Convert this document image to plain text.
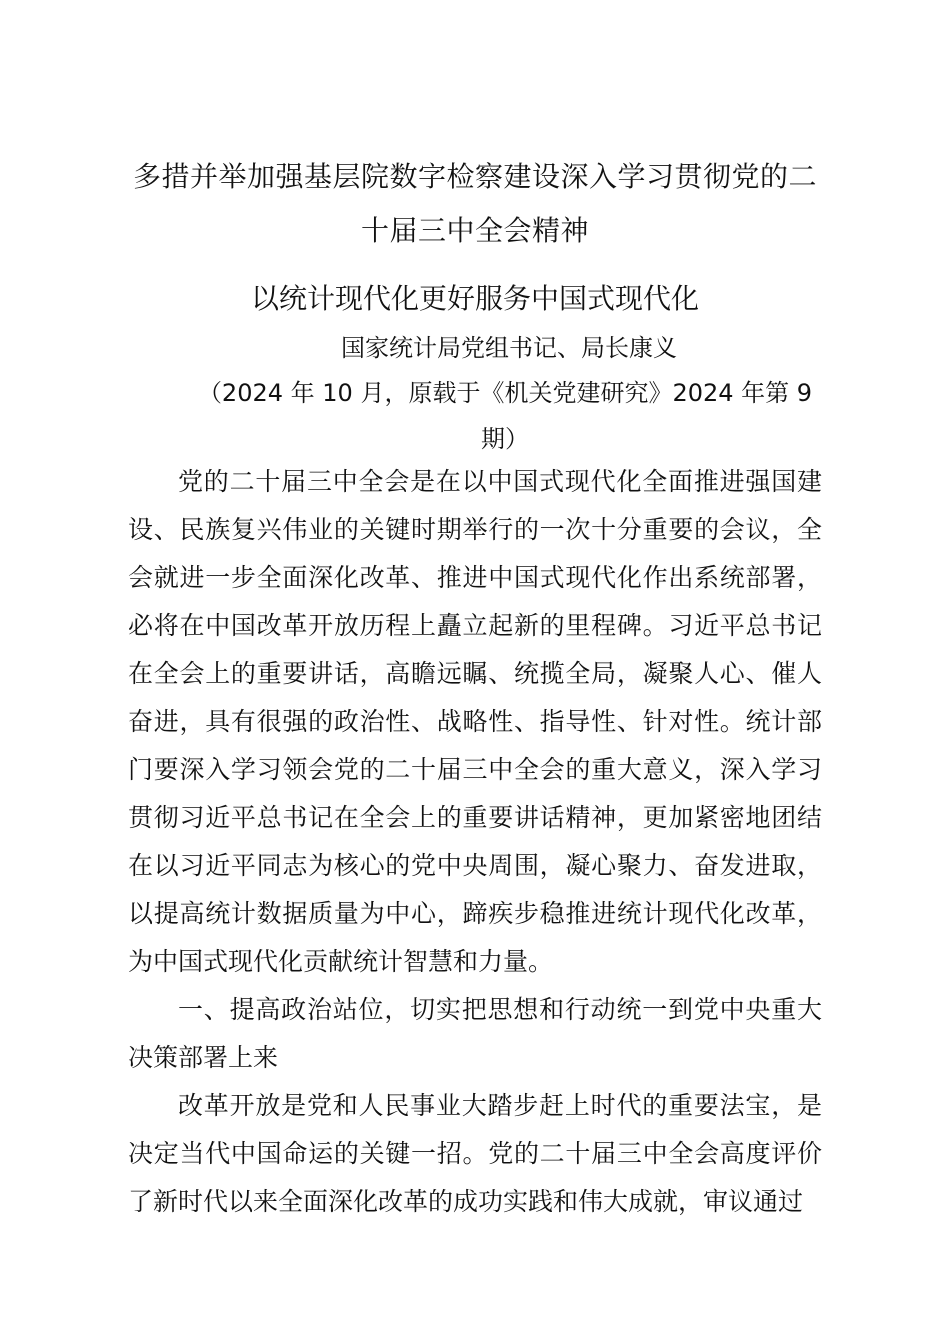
多措并举加强基层院数字检察建设深入学习贯彻党的二十届三中全会精神
以统计现代化更好服务中国式现代化
国家统计局党组书记、局长康义
（2024 年 10 月，原载于《机关党建研究》2024 年第 9 期）

党的二十届三中全会是在以中国式现代化全面推进强国建设、民族复兴伟业的关键时期举行的一次十分重要的会议，全会就进一步全面深化改革、推进中国式现代化作出系统部署，必将在中国改革开放历程上矗立起新的里程碑。习近平总书记在全会上的重要讲话，高瞻远瞩、统揽全局，凝聚人心、催人奋进，具有很强的政治性、战略性、指导性、针对性。统计部门要深入学习领会党的二十届三中全会的重大意义，深入学习贯彻习近平总书记在全会上的重要讲话精神，更加紧密地团结在以习近平同志为核心的党中央周围，凝心聚力、奋发进取，以提高统计数据质量为中心，蹄疾步稳推进统计现代化改革，为中国式现代化贡献统计智慧和力量。

一、提高政治站位，切实把思想和行动统一到党中央重大决策部署上来

改革开放是党和人民事业大踏步赶上时代的重要法宝，是决定当代中国命运的关键一招。党的二十届三中全会高度评价了新时代以来全面深化改革的成功实践和伟大成就，审议通过
